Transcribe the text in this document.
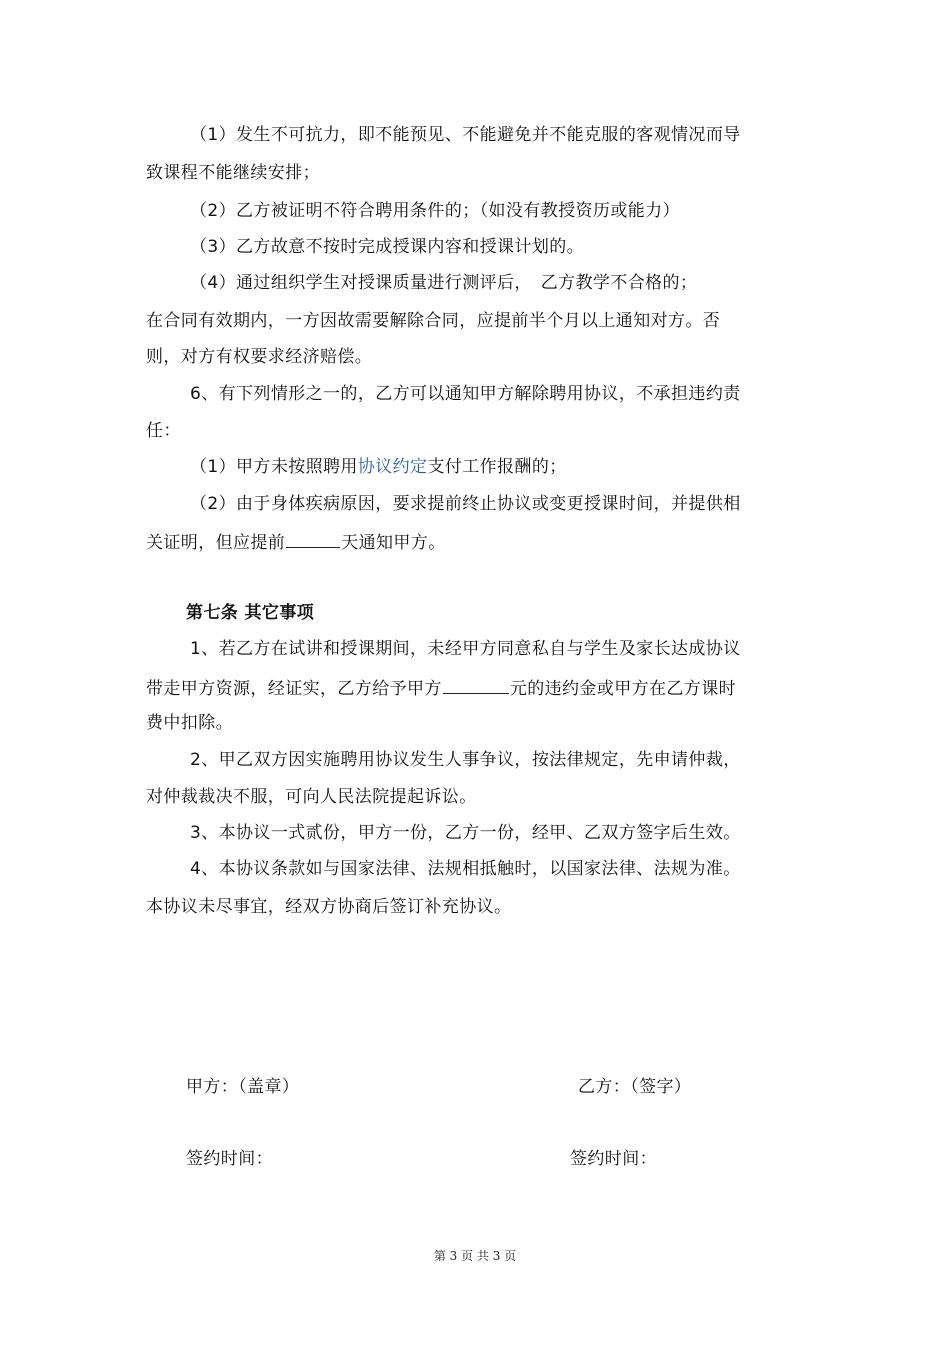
（1）发生不可抗力，即不能预见、不能避免并不能克服的客观情况而导
致课程不能继续安排；
（2）乙方被证明不符合聘用条件的；（如没有教授资历或能力）
（3）乙方故意不按时完成授课内容和授课计划的。
（4）通过组织学生对授课质量进行测评后，　乙方教学不合格的；
在合同有效期内，一方因故需要解除合同，应提前半个月以上通知对方。否
则，对方有权要求经济赔偿。
6、有下列情形之一的，乙方可以通知甲方解除聘用协议，不承担违约责
任：
（1）甲方未按照聘用协议约定支付工作报酬的；
（2）由于身体疾病原因，要求提前终止协议或变更授课时间，并提供相
关证明，但应提前	天通知甲方。
第七条 其它事项
1、若乙方在试讲和授课期间，未经甲方同意私自与学生及家长达成协议
带走甲方资源，经证实，乙方给予甲方	元的违约金或甲方在乙方课时
费中扣除。
2、甲乙双方因实施聘用协议发生人事争议，按法律规定，先申请仲裁，
对仲裁裁决不服，可向人民法院提起诉讼。
3、本协议一式贰份，甲方一份，乙方一份，经甲、乙双方签字后生效。
4、本协议条款如与国家法律、法规相抵触时，以国家法律、法规为准。
本协议未尽事宜，经双方协商后签订补充协议。
甲方：（盖章）	乙方：（签字）
签约时间：	签约时间：
第 3 页 共 3 页
